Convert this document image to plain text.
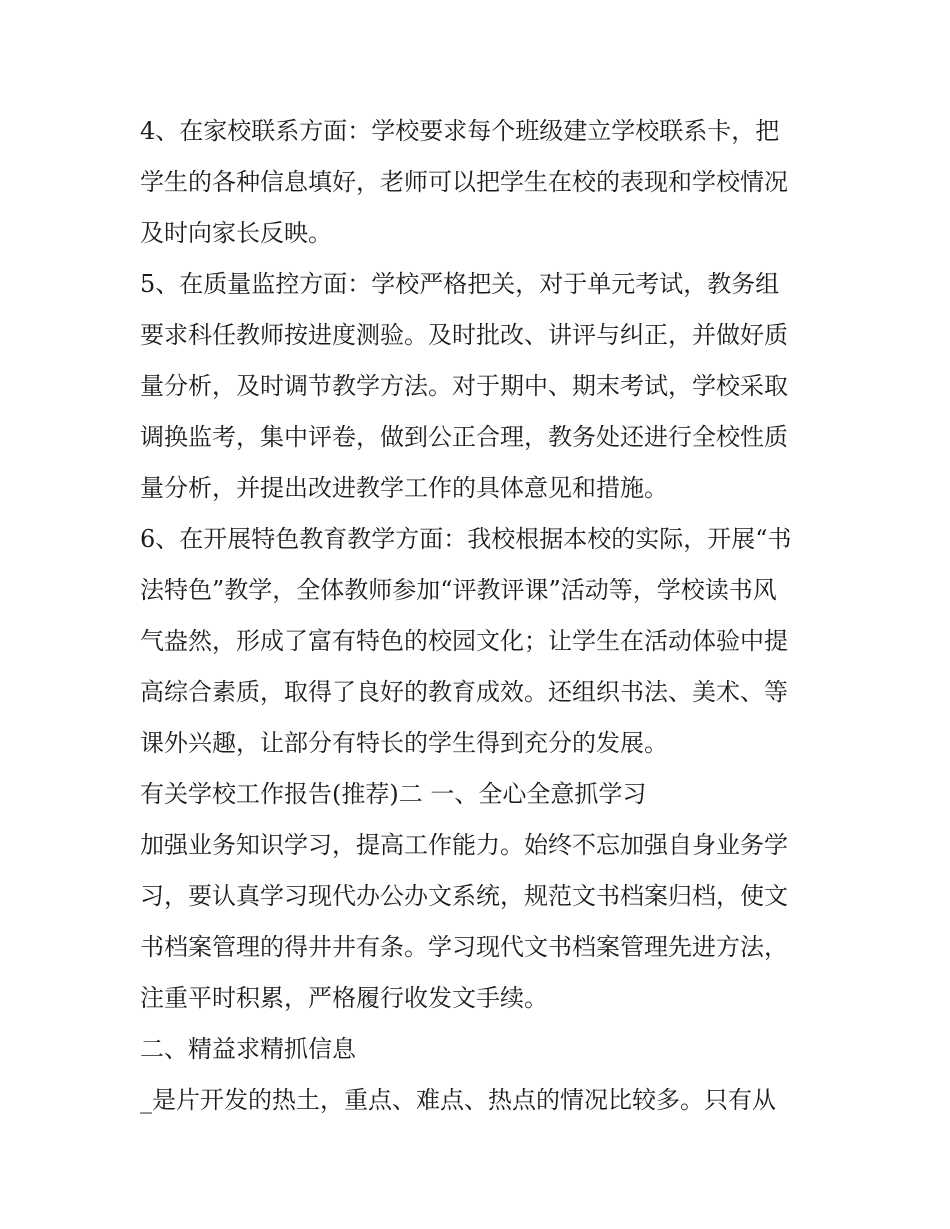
4、在家校联系方面：学校要求每个班级建立学校联系卡，把
学生的各种信息填好，老师可以把学生在校的表现和学校情况
及时向家长反映。
5、在质量监控方面：学校严格把关，对于单元考试，教务组
要求科任教师按进度测验。及时批改、讲评与纠正，并做好质
量分析，及时调节教学方法。对于期中、期末考试，学校采取
调换监考，集中评卷，做到公正合理，教务处还进行全校性质
量分析，并提出改进教学工作的具体意见和措施。
6、在开展特色教育教学方面：我校根据本校的实际，开展“书
法特色”教学，全体教师参加“评教评课”活动等，学校读书风
气盎然，形成了富有特色的校园文化；让学生在活动体验中提
高综合素质，取得了良好的教育成效。还组织书法、美术、等
课外兴趣，让部分有特长的学生得到充分的发展。
有关学校工作报告(推荐)二 一、全心全意抓学习
加强业务知识学习，提高工作能力。始终不忘加强自身业务学
习，要认真学习现代办公办文系统，规范文书档案归档，使文
书档案管理的得井井有条。学习现代文书档案管理先进方法，
注重平时积累，严格履行收发文手续。
二、精益求精抓信息
_是片开发的热土，重点、难点、热点的情况比较多。只有从
